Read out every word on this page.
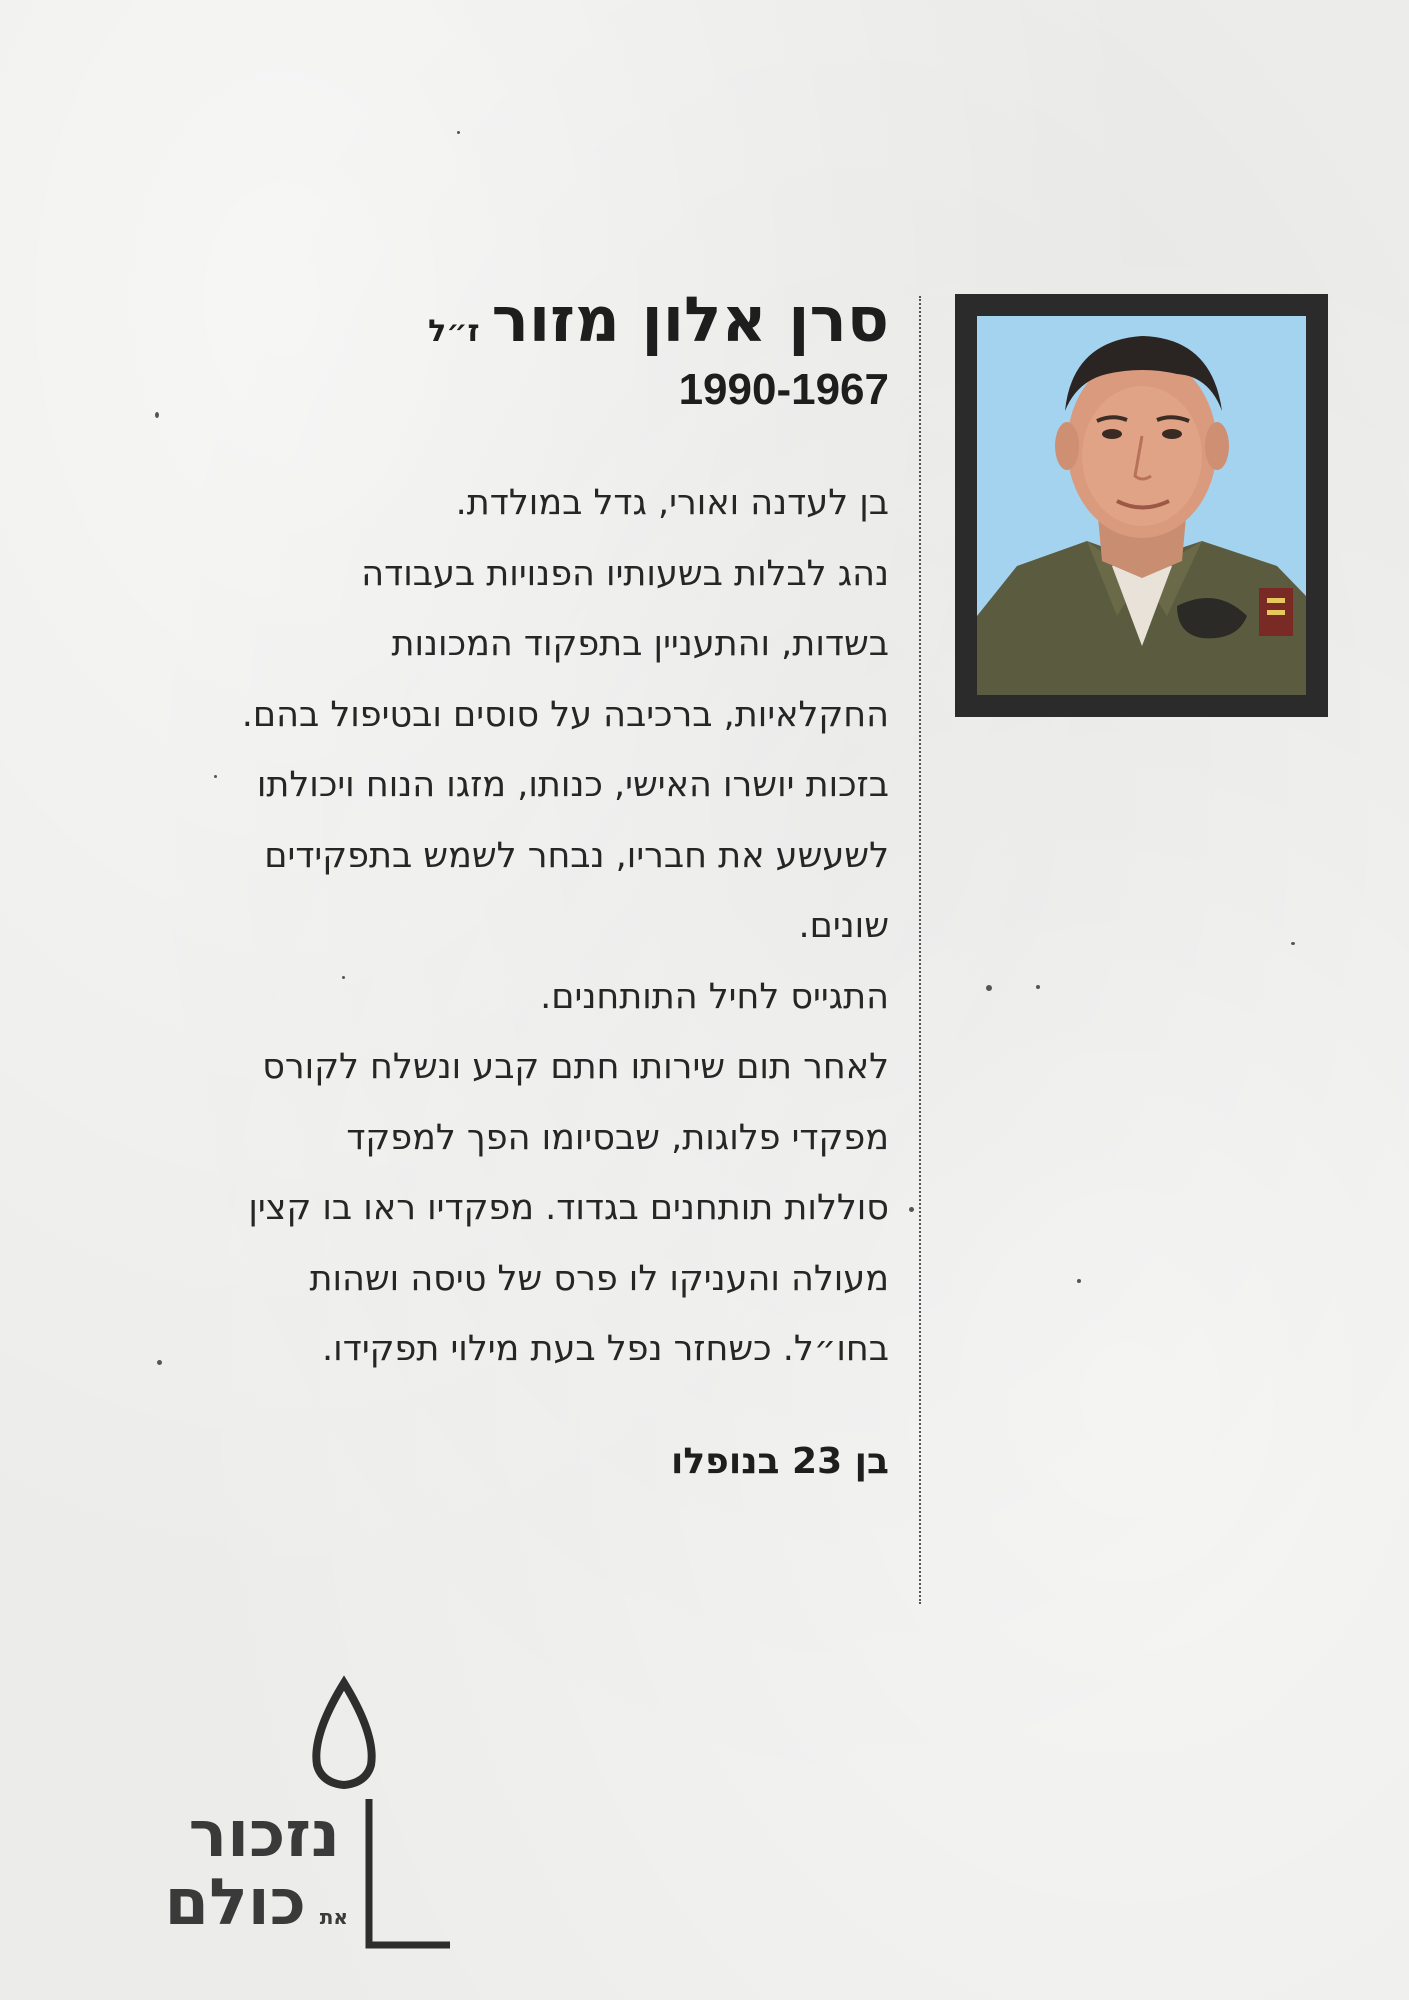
סרן אלון מזורז״ל
1990-1967
בן לעדנה ואורי, גדל במולדת.
נהג לבלות בשעותיו הפנויות בעבודה
בשדות, והתעניין בתפקוד המכונות
החקלאיות, ברכיבה על סוסים ובטיפול בהם.
בזכות יושרו האישי, כנותו, מזגו הנוח ויכולתו
לשעשע את חבריו, נבחר לשמש בתפקידים
שונים.
התגייס לחיל התותחנים.
לאחר תום שירותו חתם קבע ונשלח לקורס
מפקדי פלוגות, שבסיומו הפך למפקד
סוללות תותחנים בגדוד. מפקדיו ראו בו קצין
מעולה והעניקו לו פרס של טיסה ושהות
בחו״ל. כשחזר נפל בעת מילוי תפקידו.
בן 23 בנופלו
נזכור
כולם את
